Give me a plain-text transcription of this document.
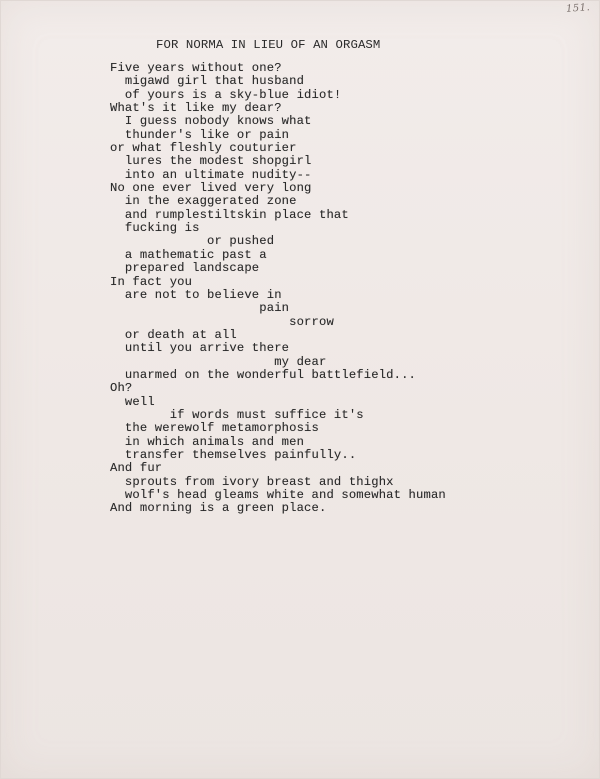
151.
FOR NORMA IN LIEU OF AN ORGASM
Five years without one?
migawd girl that husband
of yours is a sky-blue idiot!
What's it like my dear?
I guess nobody knows what
thunder's like or pain
or what fleshly couturier
lures the modest shopgirl
into an ultimate nudity--
No one ever lived very long
in the exaggerated zone
and rumplestiltskin place that
fucking is
or pushed
a mathematic past a
prepared landscape
In fact you
are not to believe in
pain
sorrow
or death at all
until you arrive there
my dear
unarmed on the wonderful battlefield...
Oh?
well
if words must suffice it's
the werewolf metamorphosis
in which animals and men
transfer themselves painfully..
And fur
sprouts from ivory breast and thighx
wolf's head gleams white and somewhat human
And morning is a green place.
